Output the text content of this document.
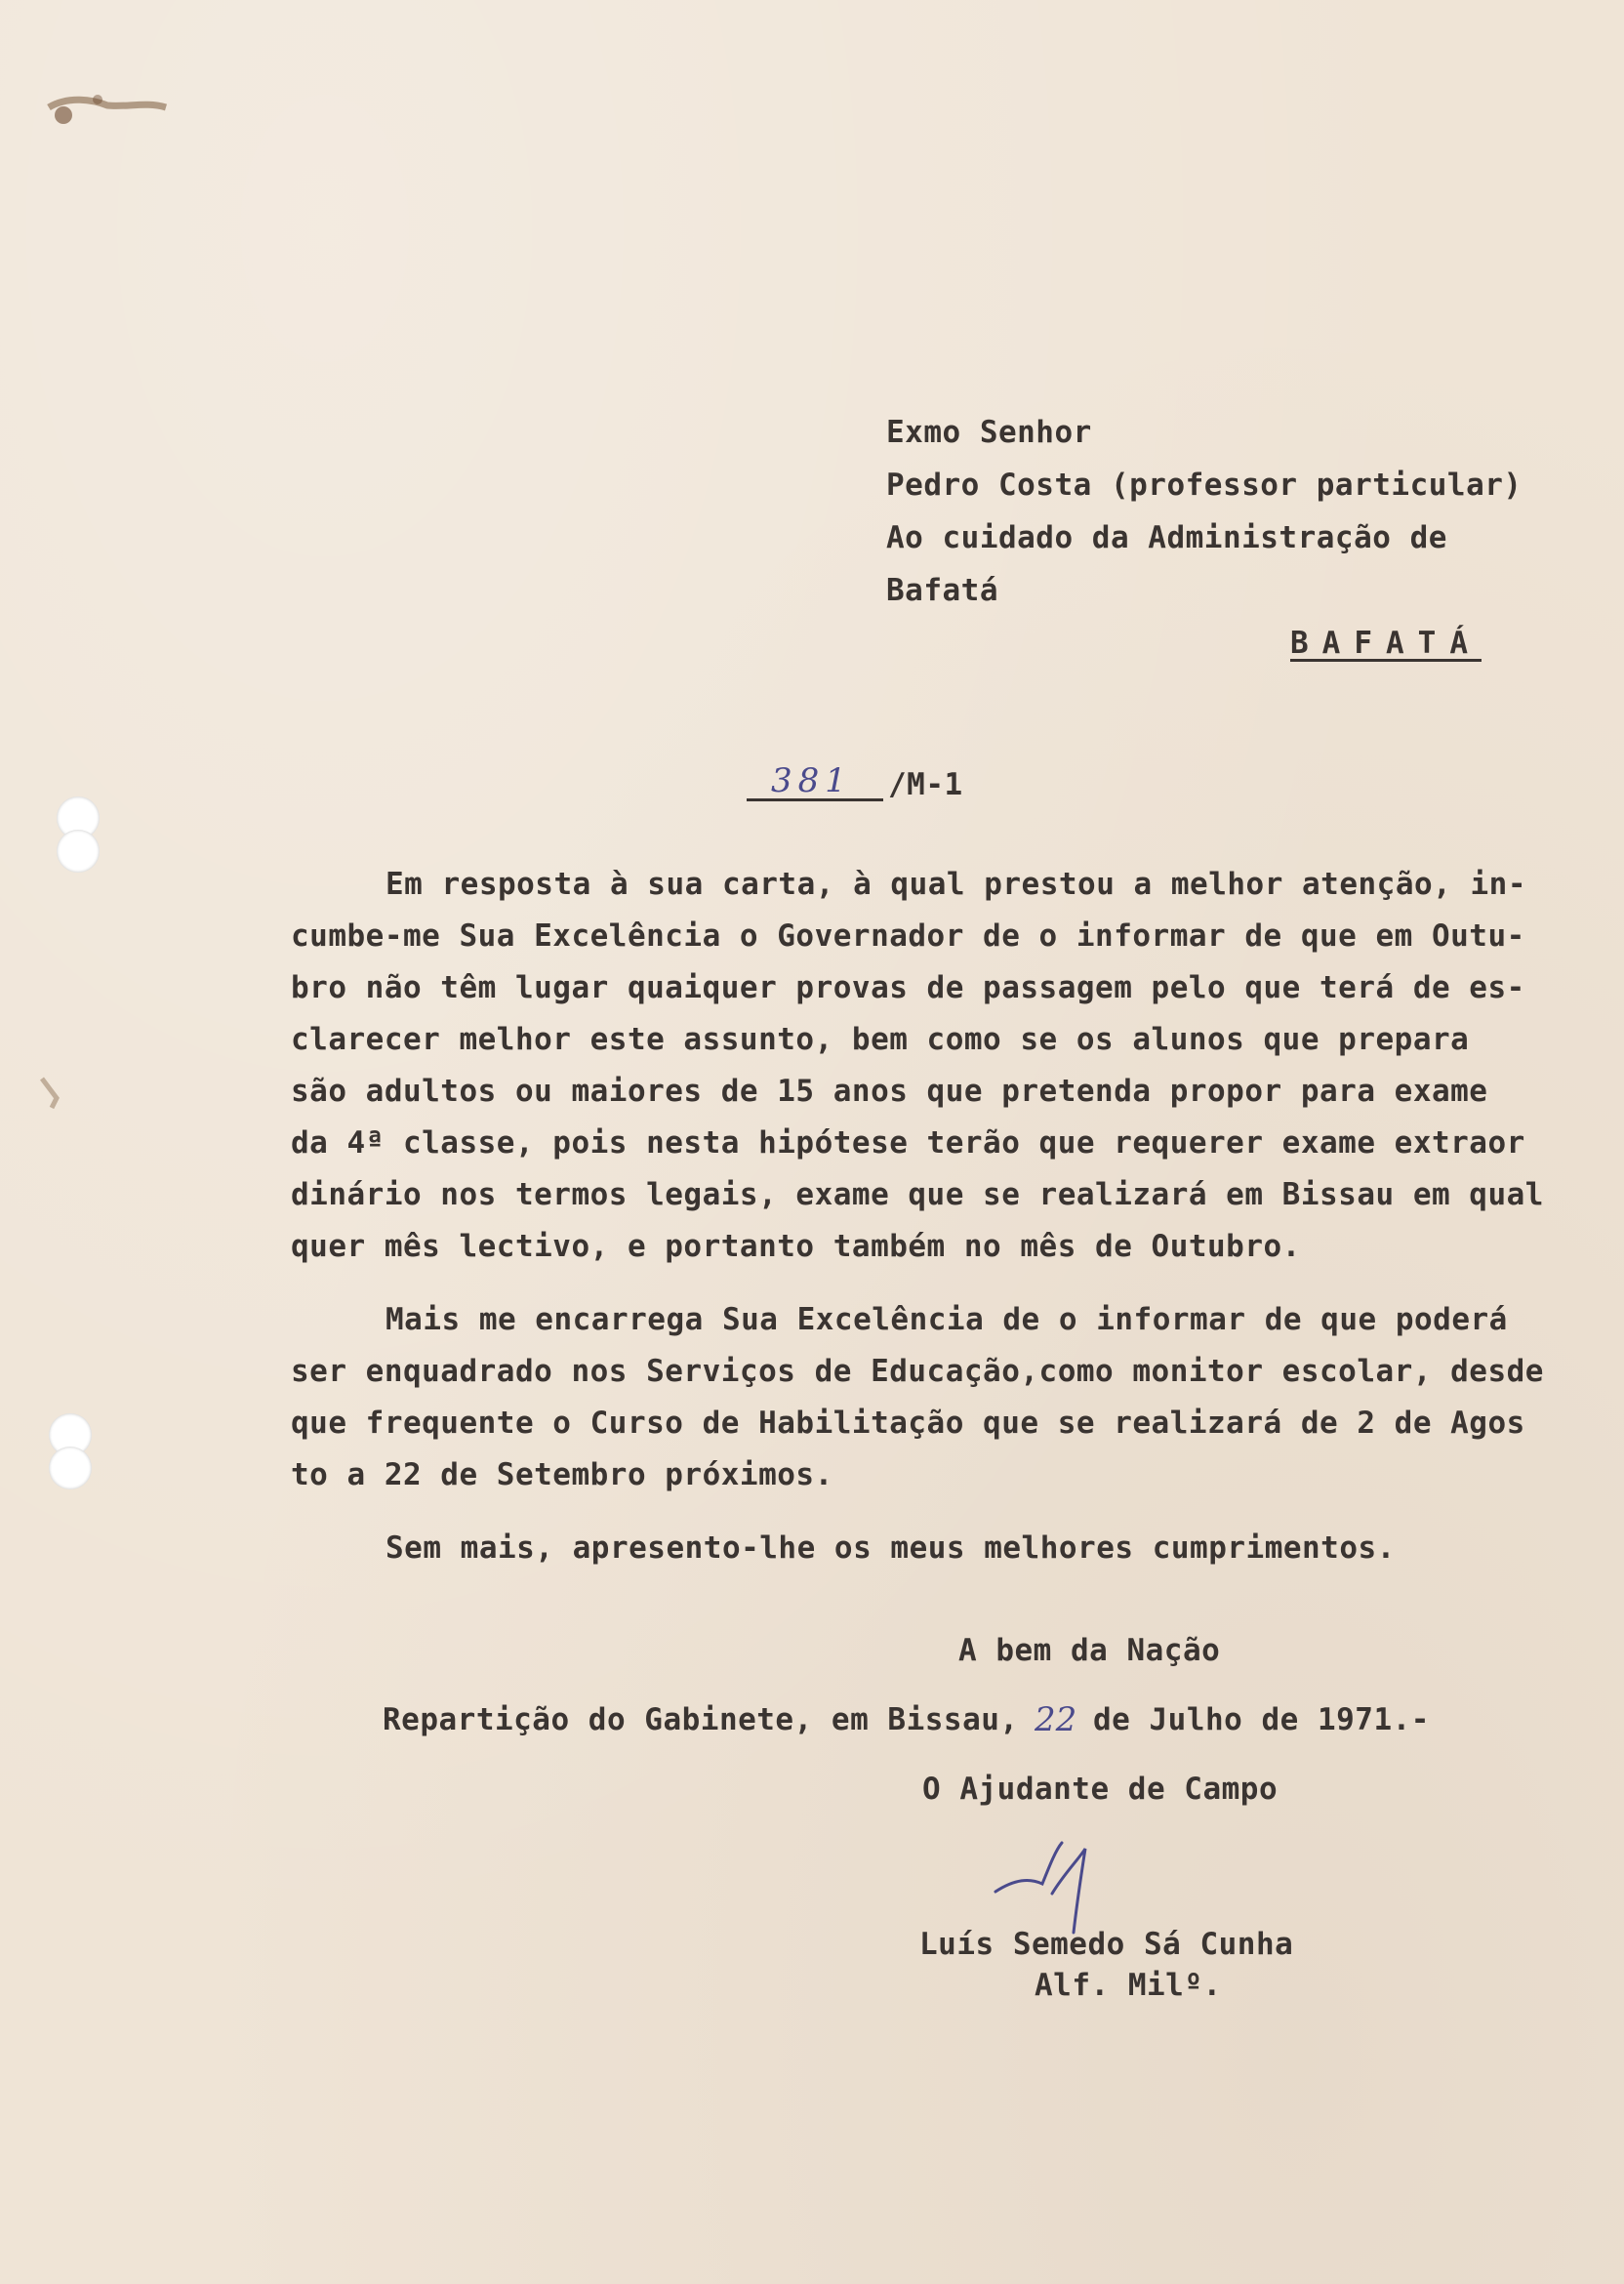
Exmo Senhor
Pedro Costa (professor particular)
Ao cuidado da Administração de
Bafatá
BAFATÁ
381 /M-1
Em resposta à sua carta, à qual prestou a melhor atenção, in-
cumbe-me Sua Excelência o Governador de o informar de que em Outu-
bro não têm lugar quaiquer provas de passagem pelo que terá de es-
clarecer melhor este assunto, bem como se os alunos que prepara
são adultos ou maiores de 15 anos que pretenda propor para exame
da 4ª classe, pois nesta hipótese terão que requerer exame extraor
dinário nos termos legais, exame que se realizará em Bissau em qual
quer mês lectivo, e portanto também no mês de Outubro.
Mais me encarrega Sua Excelência de o informar de que poderá
ser enquadrado nos Serviços de Educação,como monitor escolar, desde
que frequente o Curso de Habilitação que se realizará de 2 de Agos
to a 22 de Setembro próximos.
Sem mais, apresento-lhe os meus melhores cumprimentos.
A bem da Nação
Repartição do Gabinete, em Bissau, 22 de Julho de 1971.-
O Ajudante de Campo
Luís Semedo Sá Cunha
Alf. Milº.
